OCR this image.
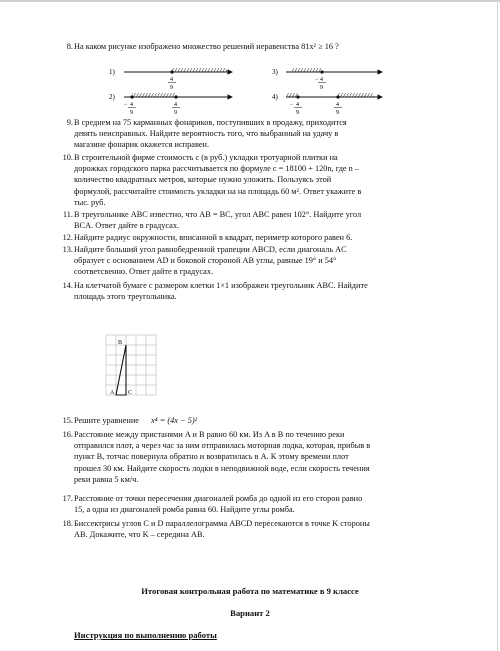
8. На каком рисунке изображено множество решений неравенства 81x² ≥ 16 ?
1)
4
9
3)
− 4
9
2)
− 4
9
4
9
4)
− 4
9
4
9
9. В среднем на 75 карманных фонариков, поступивших в продажу, приходится
девять неисправных. Найдите вероятность того, что выбранный на удачу в
магазине фонарик окажется исправен.
10. В строительной фирме стоимость с (в руб.) укладки тротуарной плитки на
дорожках городского парка рассчитывается по формуле c = 18100 + 120n, где n –
количество квадратных метров, которые нужно уложить. Пользуясь этой
формулой, рассчитайте стоимость укладки на на площадь 60 м². Ответ укажите в
тыс. руб.
11. В треугольнике ABC известно, что AB = BC, угол ABC равен 102°. Найдите угол
BCA. Ответ дайте в градусах.
12. Найдите радиус окружности, вписанной в квадрат, периметр которого равен 6.
13. Найдите больший угол равнобедренной трапеции ABCD, если диагональ AC
образует с основанием AD и боковой стороной AB углы, равные 19° и 54°
соответсвенно. Ответ дайте в градусах.
14. На клетчатой бумаге с размером клетки 1×1 изображен треугольник ABC. Найдите
площадь этого треугольника.
B
A C
15. Решите уравнение x⁴ = (4x − 5)²
16. Расстояние между пристанями A и B равно 60 км. Из A в B по течению реки
отправился плот, а через час за ним отправилась моторная лодка, которая, прибыв в
пункт B, тотчас повернула обратно и возвратилась в A. К этому времени плот
прошел 30 км. Найдите скорость лодки в неподвижной воде, если скорость течения
реки равна 5 км/ч.
17. Расстояние от точки пересечения диагоналей ромба до одной из его сторон равно
15, а одна из диагоналей ромба равна 60. Найдите углы ромба.
18. Биссектрисы углов C и D параллелограмма ABCD пересекаются в точке K стороны
AB. Докажите, что K – середина AB.
Итоговая контрольная работа по математике в 9 классе
Вариант 2
Инструкция по выполнению работы
